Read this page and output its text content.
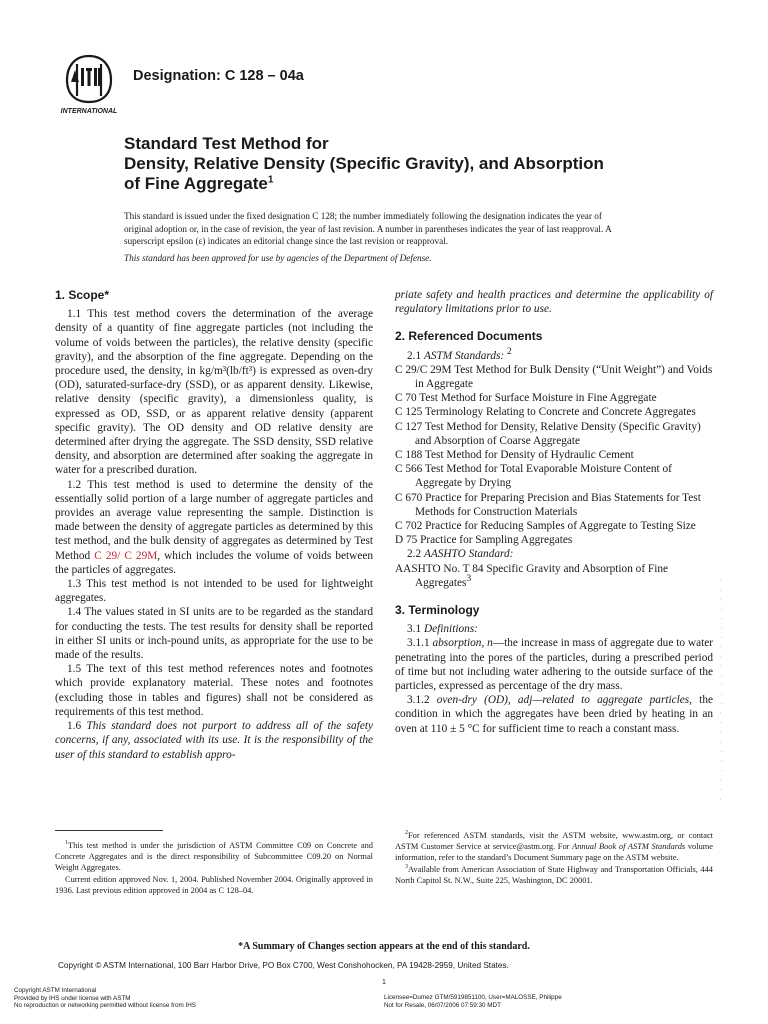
INTERNATIONAL
Designation: C 128 – 04a
Standard Test Method for
Density, Relative Density (Specific Gravity), and Absorption
of Fine Aggregate$^1$
This standard is issued under the fixed designation C 128; the number immediately following the designation indicates the year of original adoption or, in the case of revision, the year of last revision. A number in parentheses indicates the year of last reapproval. A superscript epsilon (ε) indicates an editorial change since the last revision or reapproval.
This standard has been approved for use by agencies of the Department of Defense.
1. Scope*

1.1 This test method covers the determination of the average density of a quantity of fine aggregate particles (not including the volume of voids between the particles), the relative density (specific gravity), and the absorption of the fine aggregate. Depending on the procedure used, the density, in kg/m³(lb/ft³) is expressed as oven-dry (OD), saturated-surface-dry (SSD), or as apparent density. Likewise, relative density (specific gravity), a dimensionless quality, is expressed as OD, SSD, or as apparent relative density (apparent specific gravity). The OD density and OD relative density are determined after drying the aggregate. The SSD density, SSD relative density, and absorption are determined after soaking the aggregate in water for a prescribed duration.

1.2 This test method is used to determine the density of the essentially solid portion of a large number of aggregate particles and provides an average value representing the sample. Distinction is made between the density of aggregate particles as determined by this test method, and the bulk density of aggregates as determined by Test Method C 29/ C 29M, which includes the volume of voids between the particles of aggregates.

1.3 This test method is not intended to be used for lightweight aggregates.

1.4 The values stated in SI units are to be regarded as the standard for conducting the tests. The test results for density shall be reported in either SI units or inch-pound units, as appropriate for the use to be made of the results.

1.5 The text of this test method references notes and footnotes which provide explanatory material. These notes and footnotes (excluding those in tables and figures) shall not be considered as requirements of this test method.

1.6 This standard does not purport to address all of the safety concerns, if any, associated with its use. It is the responsibility of the user of this standard to establish appro-

priate safety and health practices and determine the applicability of regulatory limitations prior to use.

2. Referenced Documents

2.1 ASTM Standards: $^2$

C 29/C 29M Test Method for Bulk Density (“Unit Weight”) and Voids in Aggregate

C 70 Test Method for Surface Moisture in Fine Aggregate

C 125 Terminology Relating to Concrete and Concrete Aggregates

C 127 Test Method for Density, Relative Density (Specific Gravity) and Absorption of Coarse Aggregate

C 188 Test Method for Density of Hydraulic Cement

C 566 Test Method for Total Evaporable Moisture Content of Aggregate by Drying

C 670 Practice for Preparing Precision and Bias Statements for Test Methods for Construction Materials

C 702 Practice for Reducing Samples of Aggregate to Testing Size

D 75 Practice for Sampling Aggregates

2.2 AASHTO Standard:

AASHTO No. T 84 Specific Gravity and Absorption of Fine Aggregates$^3$

3. Terminology

3.1 Definitions:

3.1.1 absorption, n—the increase in mass of aggregate due to water penetrating into the pores of the particles, during a prescribed period of time but not including water adhering to the outside surface of the particles, expressed as percentage of the dry mass.

3.1.2 oven-dry (OD), adj—related to aggregate particles, the condition in which the aggregates have been dried by heating in an oven at 110 ± 5 °C for sufficient time to reach a constant mass.

$^1$This test method is under the jurisdiction of ASTM Committee C09 on Concrete and Concrete Aggregates and is the direct responsibility of Subcommittee C09.20 on Normal Weight Aggregates.

Current edition approved Nov. 1, 2004. Published November 2004. Originally approved in 1936. Last previous edition approved in 2004 as C 128–04.

$^2$For referenced ASTM standards, visit the ASTM website, www.astm.org, or contact ASTM Customer Service at service@astm.org. For Annual Book of ASTM Standards volume information, refer to the standard’s Document Summary page on the ASTM website.

$^3$Available from American Association of State Highway and Transportation Officials, 444 North Capitol St. N.W., Suite 225, Washington, DC 20001.

*A Summary of Changes section appears at the end of this standard.
Copyright © ASTM International, 100 Barr Harbor Drive, PO Box C700, West Conshohocken, PA 19428-2959, United States.
1
Copyright ASTM International
Provided by IHS under license with ASTM
No reproduction or networking permitted without license from IHS
Licensee=Dumez GTM/5919851100, User=MALOSSE, Philippe
Not for Resale, 06/07/2006 07:59:30 MDT
- - - , , , - - - - , , , , - - - , , , , - - -
